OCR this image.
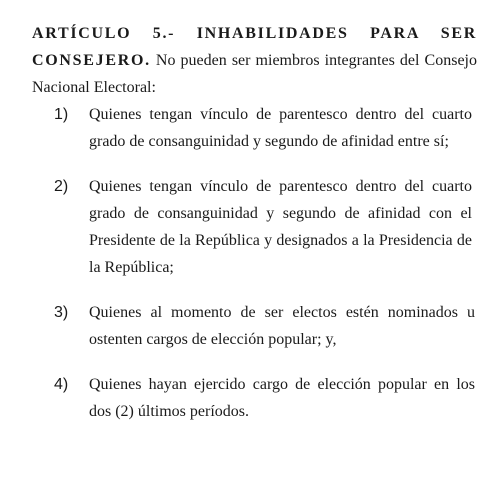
ARTÍCULO 5.- INHABILIDADES PARA SER CONSEJERO. No pueden ser miembros integrantes del Consejo Nacional Electoral:

1) Quienes tengan vínculo de parentesco dentro del cuarto grado de consanguinidad y segundo de afinidad entre sí;
2) Quienes tengan vínculo de parentesco dentro del cuarto grado de consanguinidad y segundo de afinidad con el Presidente de la República y designados a la Presidencia de la República;
3) Quienes al momento de ser electos estén nominados u ostenten cargos de elección popular; y,
4) Quienes hayan ejercido cargo de elección popular en los dos (2) últimos períodos.
